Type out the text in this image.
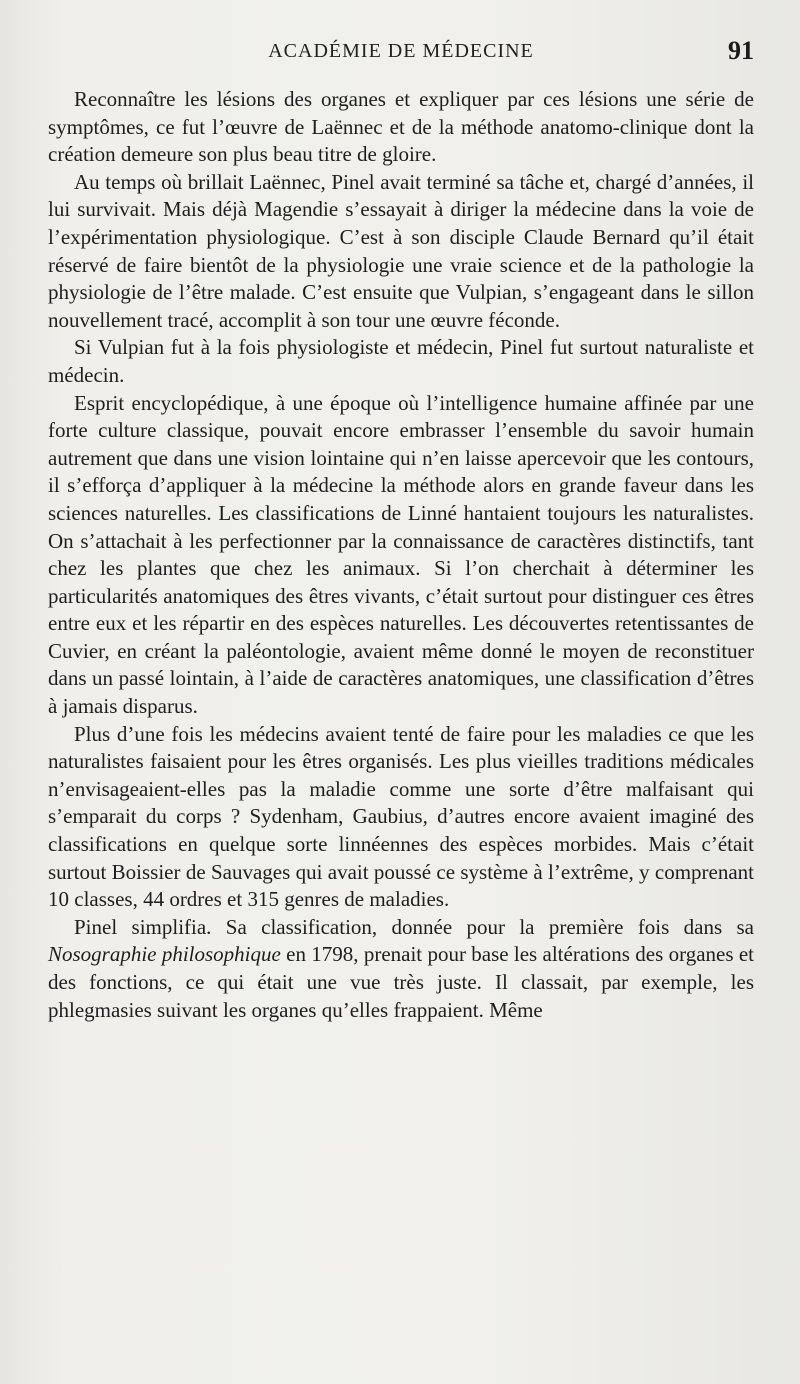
ACADÉMIE DE MÉDECINE	91

Reconnaître les lésions des organes et expliquer par ces lésions une série de symptômes, ce fut l’œuvre de Laënnec et de la méthode anatomo-clinique dont la création demeure son plus beau titre de gloire.

Au temps où brillait Laënnec, Pinel avait terminé sa tâche et, chargé d’années, il lui survivait. Mais déjà Magendie s’essayait à diriger la médecine dans la voie de l’expérimentation physiologique. C’est à son disciple Claude Bernard qu’il était réservé de faire bientôt de la physiologie une vraie science et de la pathologie la physiologie de l’être malade. C’est ensuite que Vulpian, s’engageant dans le sillon nouvellement tracé, accomplit à son tour une œuvre féconde.

Si Vulpian fut à la fois physiologiste et médecin, Pinel fut surtout naturaliste et médecin.

Esprit encyclopédique, à une époque où l’intelligence humaine affinée par une forte culture classique, pouvait encore embrasser l’ensemble du savoir humain autrement que dans une vision lointaine qui n’en laisse apercevoir que les contours, il s’efforça d’appliquer à la médecine la méthode alors en grande faveur dans les sciences naturelles. Les classifications de Linné hantaient toujours les naturalistes. On s’attachait à les perfectionner par la connaissance de caractères distinctifs, tant chez les plantes que chez les animaux. Si l’on cherchait à déterminer les particularités anatomiques des êtres vivants, c’était surtout pour distinguer ces êtres entre eux et les répartir en des espèces naturelles. Les découvertes retentissantes de Cuvier, en créant la paléontologie, avaient même donné le moyen de reconstituer dans un passé lointain, à l’aide de caractères anatomiques, une classification d’êtres à jamais disparus.

Plus d’une fois les médecins avaient tenté de faire pour les maladies ce que les naturalistes faisaient pour les êtres organisés. Les plus vieilles traditions médicales n’envisageaient-elles pas la maladie comme une sorte d’être malfaisant qui s’emparait du corps ? Sydenham, Gaubius, d’autres encore avaient imaginé des classifications en quelque sorte linnéennes des espèces morbides. Mais c’était surtout Boissier de Sauvages qui avait poussé ce système à l’extrême, y comprenant 10 classes, 44 ordres et 315 genres de maladies.

Pinel simplifia. Sa classification, donnée pour la première fois dans sa Nosographie philosophique en 1798, prenait pour base les altérations des organes et des fonctions, ce qui était une vue très juste. Il classait, par exemple, les phlegmasies suivant les organes qu’elles frappaient. Même
